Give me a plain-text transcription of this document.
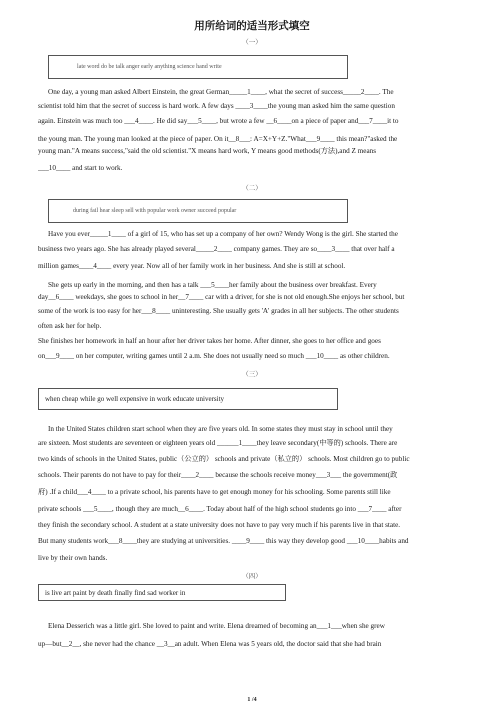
用所给词的适当形式填空
（一）
late word do be talk anger early anything science hand write
One day, a young man asked Albert Einstein, the great German_____1____, what the secret of success_____2____. The
scientist told him that the secret of success is hard work. A few days ____3____the young man asked him the same question
again. Einstein was much too ___4____. He did say___5____, but wrote a few __6____on a piece of paper and___7____it to
the young man. The young man looked at the piece of paper. On it__8___: A=X+Y+Z."What___9____ this mean?"asked the
young man."A means success,"said the old scientist."X means hard work, Y means good methods(方法),and Z means
___10____ and start to work.
（二）
during fail hear sleep sell with popular work owner succeed popular
Have you ever_____1____ of a girl of 15, who has set up a company of her own? Wendy Wong is the girl. She started the
business two years ago. She has already played several_____2____ company games. They are so____3____ that over half a
million games____4____ every year. Now all of her family work in her business. And she is still at school.
She gets up early in the morning, and then has a talk ___5____her family about the business over breakfast. Every
day__6____ weekdays, she goes to school in her__7____ car with a driver, for she is not old enough.She enjoys her school, but
some of the work is too easy for her___8____ uninteresting. She usually gets 'A' grades in all her subjects. The other students
often ask her for help.
She finishes her homework in half an hour after her driver takes her home. After dinner, she goes to her office and goes
on___9____ on her computer, writing games until 2 a.m. She does not usually need so much ___10____ as other children.
（三）
when cheap while go well expensive in work educate university
In the United States children start school when they are five years old. In some states they must stay in school until they
are sixteen. Most students are seventeen or eighteen years old ______1____they leave secondary(中等的) schools. There are
two kinds of schools in the United States, public（公立的） schools and private（私立的） schools. Most children go to public
schools. Their parents do not have to pay for their____2____ because the schools receive money___3___ the government(政
府) .If a child___4____ to a private school, his parents have to get enough money for his schooling. Some parents still like
private schools ___5____, though they are much__6____. Today about half of the high school students go into ___7____ after
they finish the secondary school. A student at a state university does not have to pay very much if his parents live in that state.
But many students work___8____they are studying at universities. ____9____ this way they develop good ___10____habits and
live by their own hands.
（四）
is live art paint by death finally find sad worker in
Elena Desserich was a little girl. She loved to paint and write. Elena dreamed of becoming an___1___when she grew
up—but__2__, she never had the chance __3__an adult. When Elena was 5 years old, the doctor said that she had brain
1 /4
